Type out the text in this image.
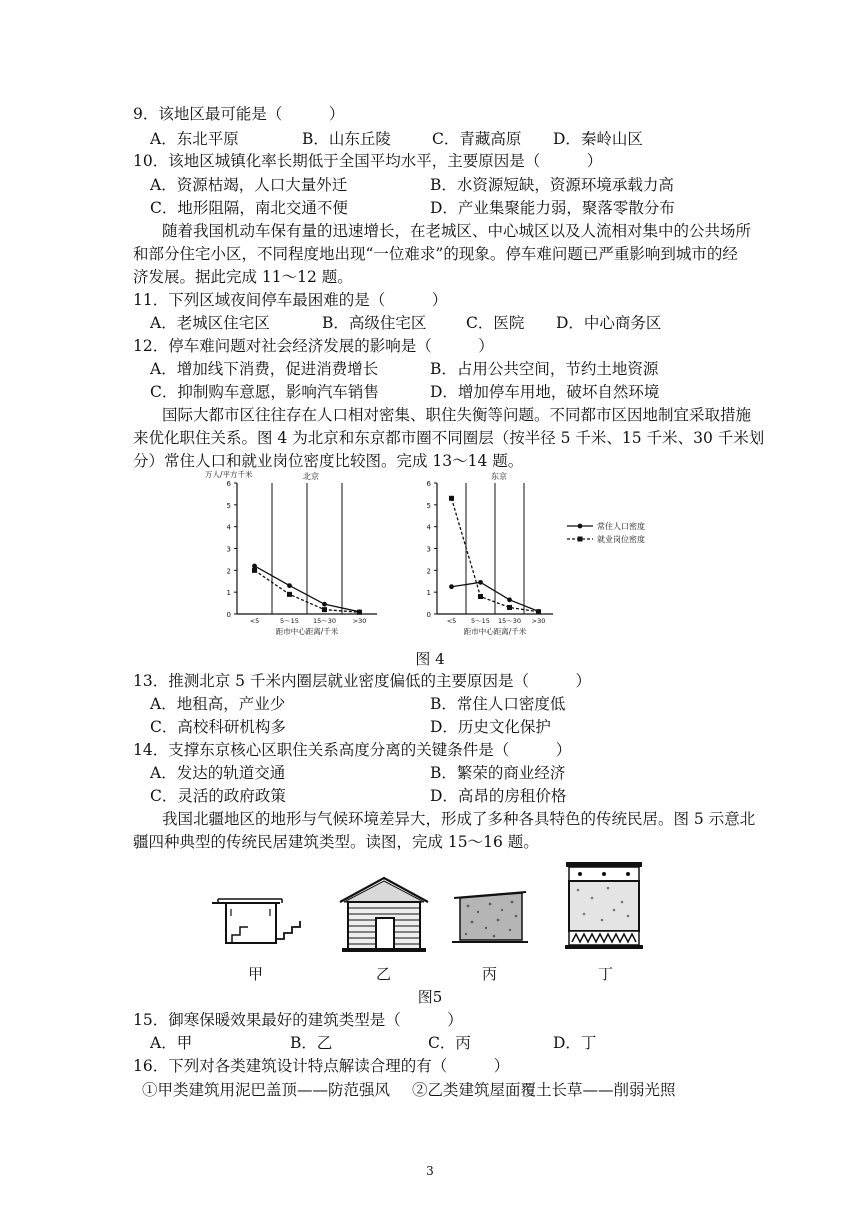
9．该地区最可能是（　　　）
A．东北平原	B．山东丘陵	C．青藏高原 D．秦岭山区
10．该地区城镇化率长期低于全国平均水平，主要原因是（　　　）
A．资源枯竭，人口大量外迁	B．水资源短缺，资源环境承载力高
C．地形阻隔，南北交通不便	D．产业集聚能力弱，聚落零散分布
随着我国机动车保有量的迅速增长，在老城区、中心城区以及人流相对集中的公共场所
和部分住宅小区，不同程度地出现“一位难求”的现象。停车难问题已严重影响到城市的经
济发展。据此完成 11～12 题。
11．下列区域夜间停车最困难的是（　　　）
A．老城区住宅区	B．高级住宅区	C．医院 D．中心商务区
12．停车难问题对社会经济发展的影响是（　　　）
A．增加线下消费，促进消费增长	B．占用公共空间，节约土地资源
C．抑制购车意愿，影响汽车销售	D．增加停车用地，破坏自然环境
国际大都市区往往存在人口相对密集、职住失衡等问题。不同都市区因地制宜采取措施
来优化职住关系。图 4 为北京和东京都市圈不同圈层（按半径 5 千米、15 千米、30 千米划
分）常住人口和就业岗位密度比较图。完成 13～14 题。
万人/平方千米	北京
0
1
2
3
4
5
6
<5	5～15 15～30	>30
距市中心距离/千米
东京
0
1
2
3
4
5
6
<5 5～15 15～30 >30
距市中心距离/千米
常住人口密度
就业岗位密度
图 4
13．推测北京 5 千米内圈层就业密度偏低的主要原因是（　　　）
A．地租高，产业少	B．常住人口密度低
C．高校科研机构多	D．历史文化保护
14．支撑东京核心区职住关系高度分离的关键条件是（　　　）
A．发达的轨道交通	B．繁荣的商业经济
C．灵活的政府政策	D．高昂的房租价格
我国北疆地区的地形与气候环境差异大，形成了多种各具特色的传统民居。图 5 示意北
疆四种典型的传统民居建筑类型。读图，完成 15～16 题。
甲	乙	丙	丁
图5
15．御寒保暖效果最好的建筑类型是（　　　）
A．甲	B．乙	C．丙	D．丁
16．下列对各类建筑设计特点解读合理的有（　　　）
①甲类建筑用泥巴盖顶——防范强风 ②乙类建筑屋面覆土长草——削弱光照
3
